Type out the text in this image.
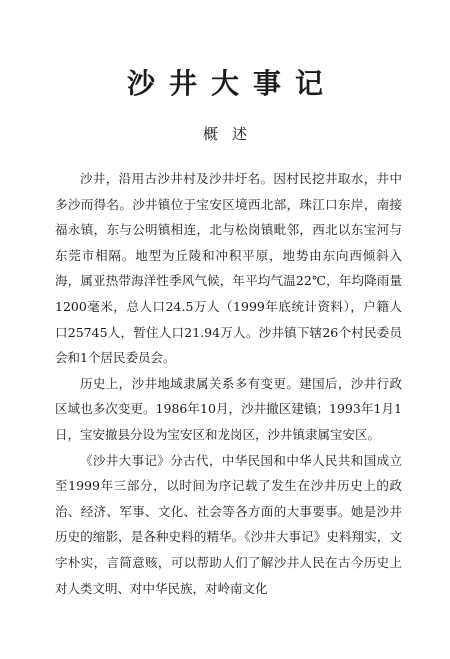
沙井大事记
概述

沙井，沿用古沙井村及沙井圩名。因村民挖井取水，井中多沙而得名。沙井镇位于宝安区境西北部，珠江口东岸，南接福永镇，东与公明镇相连，北与松岗镇毗邻，西北以东宝河与东莞市相隔。地型为丘陵和冲积平原，地势由东向西倾斜入海，属亚热带海洋性季风气候，年平均气温22℃，年均降雨量1200毫米，总人口24.5万人（1999年底统计资料），户籍人口25745人，暂住人口21.94万人。沙井镇下辖26个村民委员会和1个居民委员会。

历史上，沙井地域隶属关系多有变更。建国后，沙井行政区域也多次变更。1986年10月，沙井撤区建镇；1993年1月1日，宝安撤县分设为宝安区和龙岗区，沙井镇隶属宝安区。

《沙井大事记》分古代，中华民国和中华人民共和国成立至1999年三部分，以时间为序记载了发生在沙井历史上的政治、经济、军事、文化、社会等各方面的大事要事。她是沙井历史的缩影，是各种史料的精华。《沙井大事记》史料翔实，文字朴实，言简意赅，可以帮助人们了解沙井人民在古今历史上对人类文明、对中华民族，对岭南文化
